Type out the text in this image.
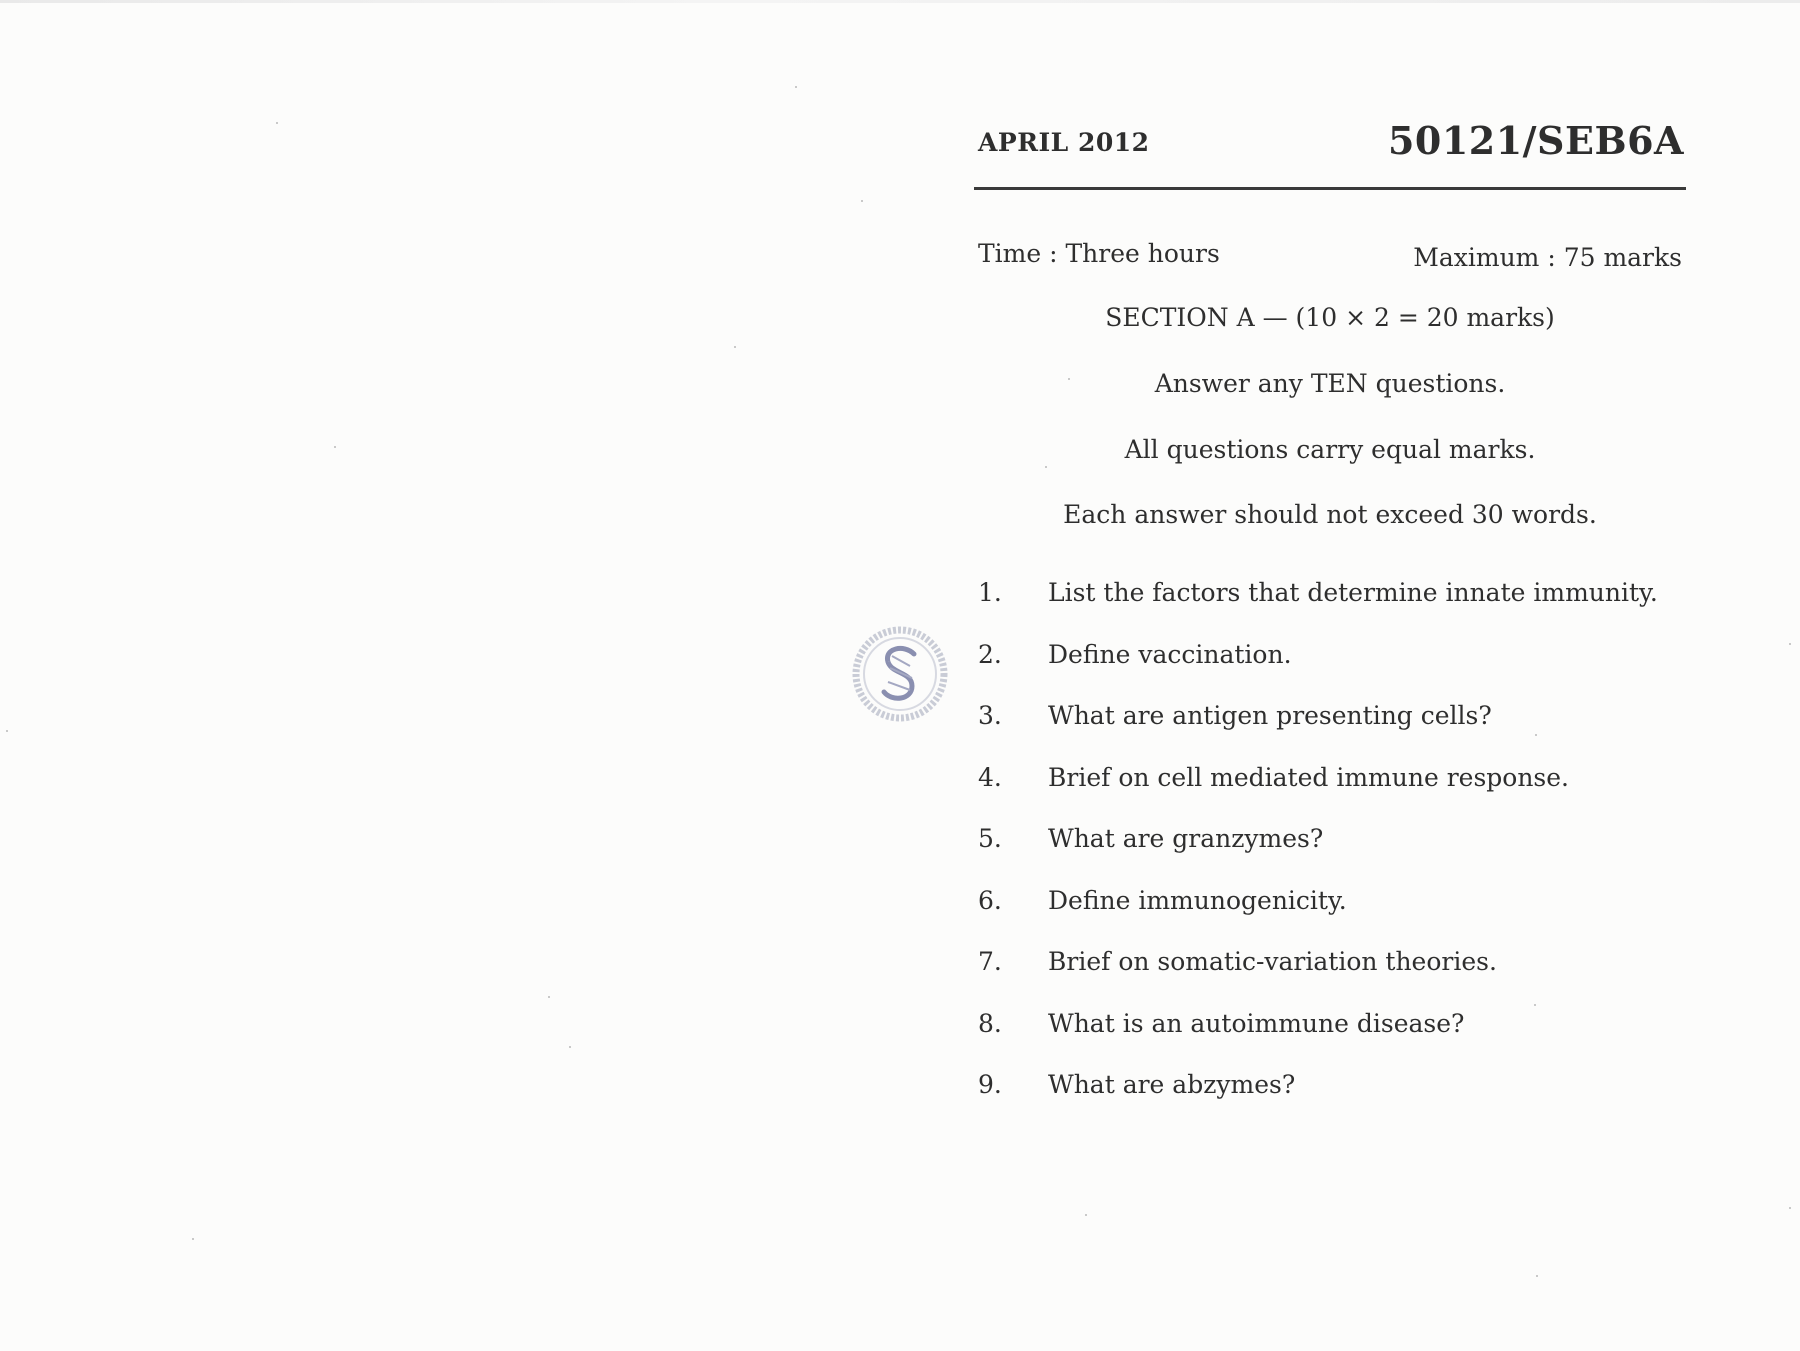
APRIL 2012	50121/SEB6A
Time : Three hours	Maximum : 75 marks
SECTION A — (10 × 2 = 20 marks)
Answer any TEN questions.
All questions carry equal marks.
Each answer should not exceed 30 words.
1.	List the factors that determine innate immunity.
2.	Define vaccination.
3.	What are antigen presenting cells?
4.	Brief on cell mediated immune response.
5.	What are granzymes?
6.	Define immunogenicity.
7.	Brief on somatic-variation theories.
8.	What is an autoimmune disease?
9.	What are abzymes?
